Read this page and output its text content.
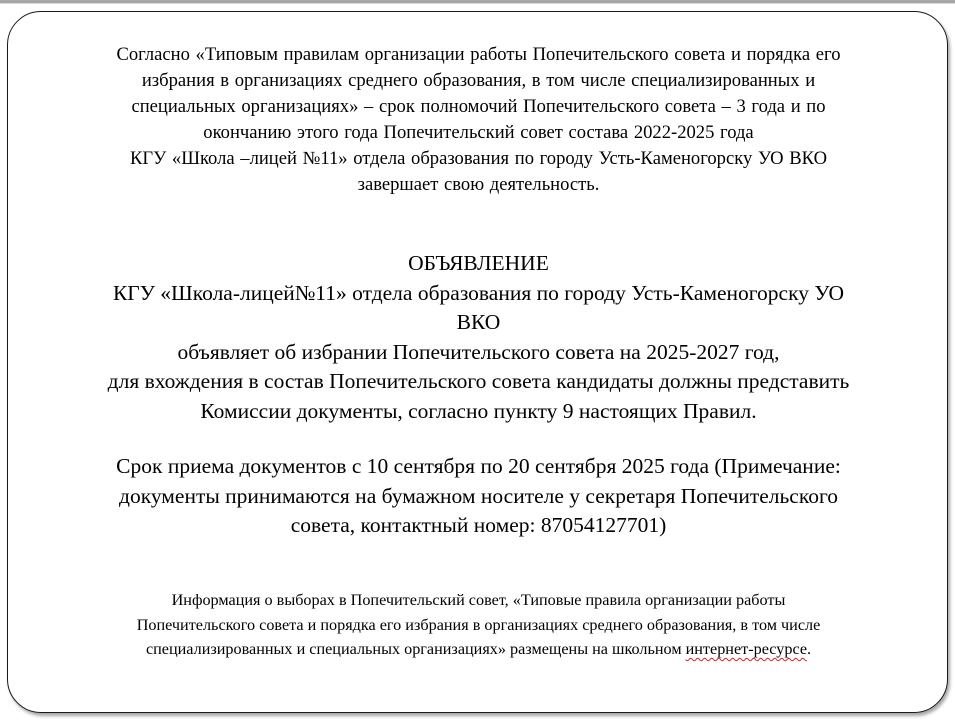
Согласно «Типовым правилам организации работы Попечительского совета и порядка его
избрания в организациях среднего образования, в том числе специализированных и
специальных организациях» – срок полномочий Попечительского совета – 3 года и по
окончанию этого года Попечительский совет состава 2022-2025 года
КГУ «Школа –лицей №11» отдела образования по городу Усть-Каменогорску УО ВКО
завершает свою деятельность.
ОБЪЯВЛЕНИЕ
КГУ «Школа-лицей№11» отдела образования по городу Усть-Каменогорску УО
ВКО
объявляет об избрании Попечительского совета на 2025-2027 год,
для вхождения в состав Попечительского совета кандидаты должны представить
Комиссии документы, согласно пункту 9 настоящих Правил.
Срок приема документов с 10 сентября по 20 сентября 2025 года (Примечание:
документы принимаются на бумажном носителе у секретаря Попечительского
совета, контактный номер: 87054127701)
Информация о выборах в Попечительский совет, «Типовые правила организации работы
Попечительского совета и порядка его избрания в организациях среднего образования, в том числе
специализированных и специальных организациях» размещены на школьном интернет-ресурсе.
